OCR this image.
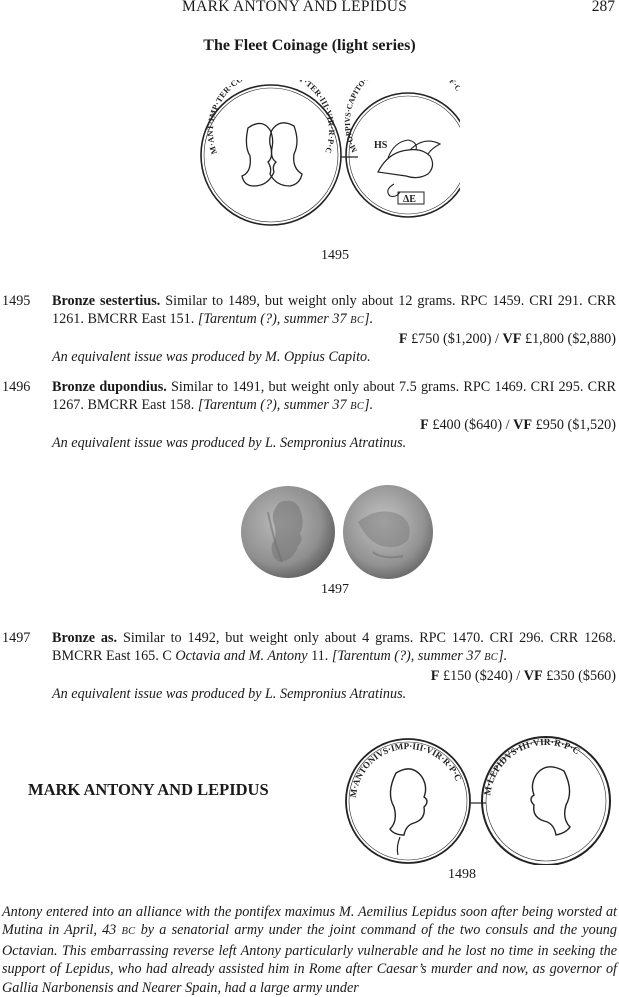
MARK ANTONY AND LEPIDUS	287
The Fleet Coinage (light series)
M·ANT·IMP·TER·C ·TER·III·VIR·R·P·C	M·OPPIVS·CAPITO· F·
HS
ΔE
1495
1495 Bronze sestertius. Similar to 1489, but weight only about 12 grams. RPC 1459. CRI 291. CRR 1261. BMCRR East 151. [Tarentum (?), summer 37 BC].

F £750 ($1,200) / VF £1,800 ($2,880)

An equivalent issue was produced by M. Oppius Capito.

1496 Bronze dupondius. Similar to 1491, but weight only about 7.5 grams. RPC 1469. CRI 295. CRR 1267. BMCRR East 158. [Tarentum (?), summer 37 BC].

F £400 ($640) / VF £950 ($1,520)

An equivalent issue was produced by L. Sempronius Atratinus.

1497
1497 Bronze as. Similar to 1492, but weight only about 4 grams. RPC 1470. CRI 296. CRR 1268. BMCRR East 165. C Octavia and M. Antony 11. [Tarentum (?), summer 37 BC].

F £150 ($240) / VF £350 ($560)

An equivalent issue was produced by L. Sempronius Atratinus.

MARK ANTONY AND LEPIDUS	M·ANTONIVS·IMP·III·VIR·R·P·C
M·LEPIDVS·III·VIR·R·P·C
1498
Antony entered into an alliance with the pontifex maximus M. Aemilius Lepidus soon after being worsted at Mutina in April, 43 BC by a senatorial army under the joint command of the two consuls and the young Octavian. This embarrassing reverse left Antony particularly vulnerable and he lost no time in seeking the support of Lepidus, who had already assisted him in Rome after Caesar’s murder and now, as governor of Gallia Narbonensis and Nearer Spain, had a large army under
